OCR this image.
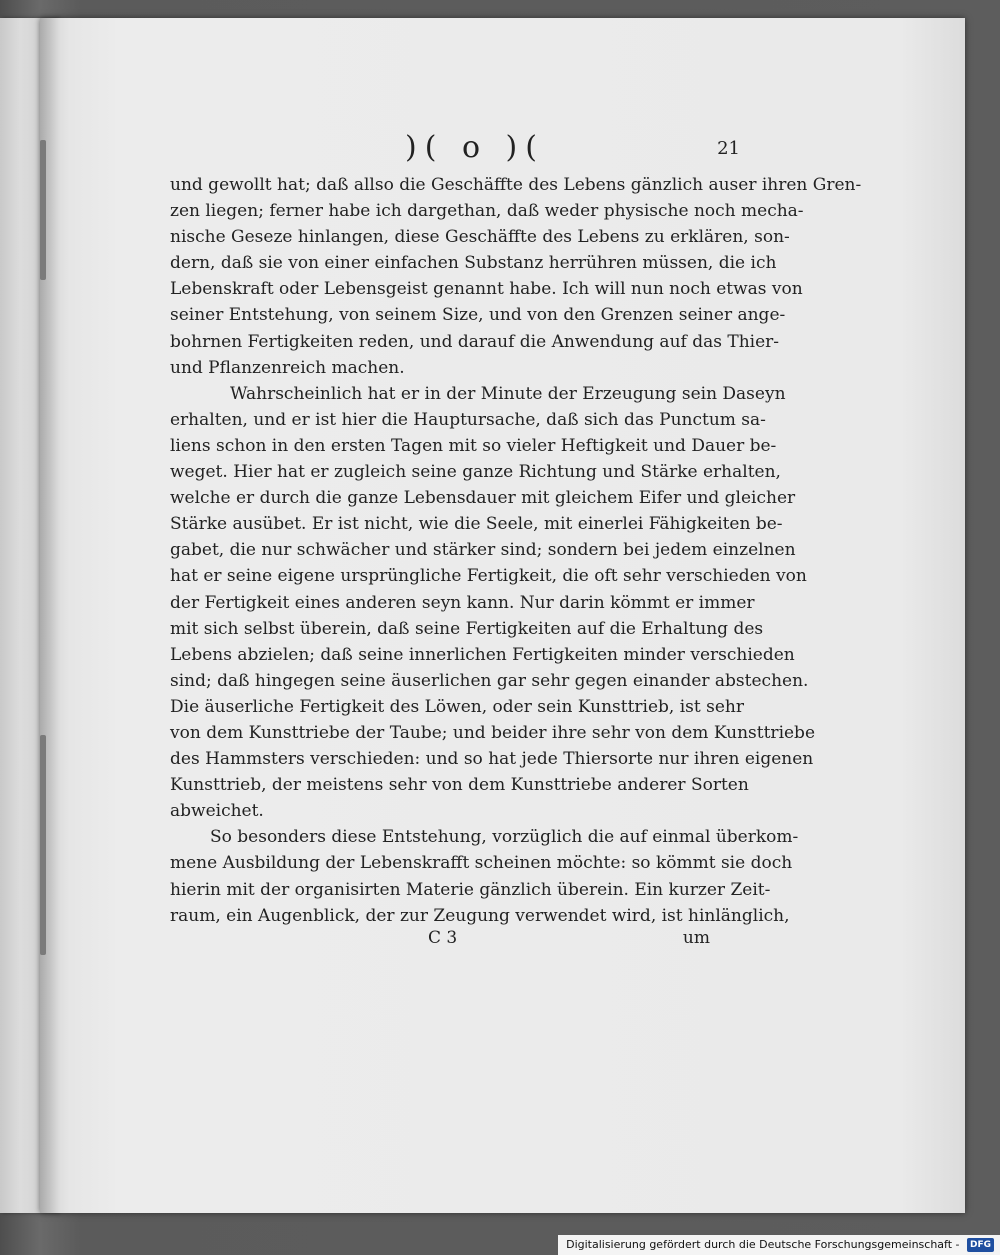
)( o )(	21
und gewollt hat; daß allso die Geschäffte des Lebens gänzlich auser ihren Gren-
zen liegen; ferner habe ich dargethan, daß weder physische noch mecha-
nische Geseze hinlangen, diese Geschäffte des Lebens zu erklären, son-
dern, daß sie von einer einfachen Substanz herrühren müssen, die ich
Lebenskraft oder Lebensgeist genannt habe. Ich will nun noch etwas von
seiner Entstehung, von seinem Size, und von den Grenzen seiner ange-
bohrnen Fertigkeiten reden, und darauf die Anwendung auf das Thier-
und Pflanzenreich machen.
Wahrscheinlich hat er in der Minute der Erzeugung sein Daseyn
erhalten, und er ist hier die Hauptursache, daß sich das Punctum sa-
liens schon in den ersten Tagen mit so vieler Heftigkeit und Dauer be-
weget. Hier hat er zugleich seine ganze Richtung und Stärke erhalten,
welche er durch die ganze Lebensdauer mit gleichem Eifer und gleicher
Stärke ausübet. Er ist nicht, wie die Seele, mit einerlei Fähigkeiten be-
gabet, die nur schwächer und stärker sind; sondern bei jedem einzelnen
hat er seine eigene ursprüngliche Fertigkeit, die oft sehr verschieden von
der Fertigkeit eines anderen seyn kann. Nur darin kömmt er immer
mit sich selbst überein, daß seine Fertigkeiten auf die Erhaltung des
Lebens abzielen; daß seine innerlichen Fertigkeiten minder verschieden
sind; daß hingegen seine äuserlichen gar sehr gegen einander abstechen.
Die äuserliche Fertigkeit des Löwen, oder sein Kunsttrieb, ist sehr
von dem Kunsttriebe der Taube; und beider ihre sehr von dem Kunsttriebe
des Hammsters verschieden: und so hat jede Thiersorte nur ihren eigenen
Kunsttrieb, der meistens sehr von dem Kunsttriebe anderer Sorten
abweichet.
So besonders diese Entstehung, vorzüglich die auf einmal überkom-
mene Ausbildung der Lebenskrafft scheinen möchte: so kömmt sie doch
hierin mit der organisirten Materie gänzlich überein. Ein kurzer Zeit-
raum, ein Augenblick, der zur Zeugung verwendet wird, ist hinlänglich,
C 3	um
Digitalisierung gefördert durch die Deutsche Forschungsgemeinschaft - DFG
